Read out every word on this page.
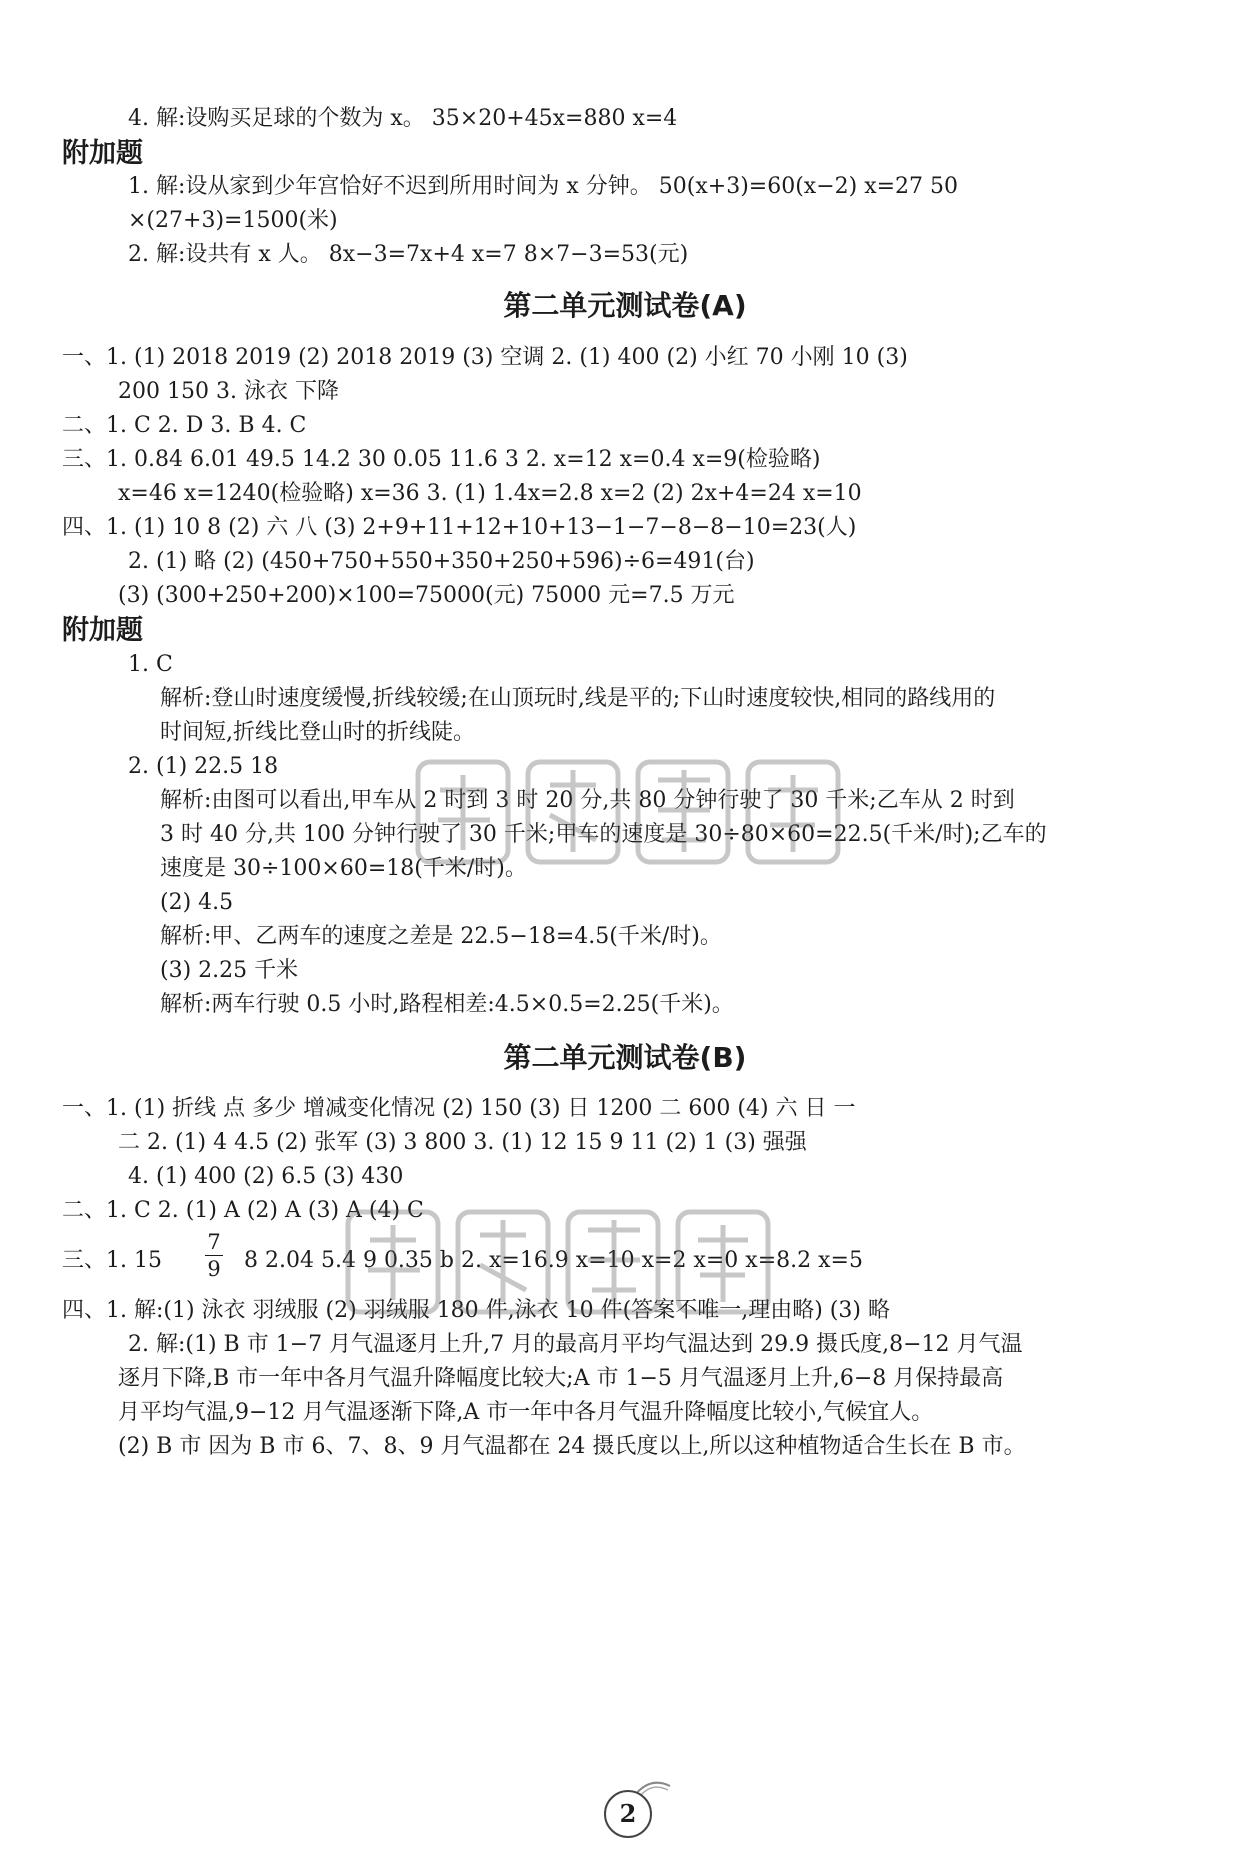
4. 解:设购买足球的个数为 x。 35×20+45x=880 x=4
附加题
1. 解:设从家到少年宫恰好不迟到所用时间为 x 分钟。 50(x+3)=60(x−2) x=27 50
×(27+3)=1500(米)
2. 解:设共有 x 人。 8x−3=7x+4 x=7 8×7−3=53(元)
第二单元测试卷(A)
一、1. (1) 2018 2019 (2) 2018 2019 (3) 空调 2. (1) 400 (2) 小红 70 小刚 10 (3)
200 150 3. 泳衣 下降
二、1. C 2. D 3. B 4. C
三、1. 0.84 6.01 49.5 14.2 30 0.05 11.6 3 2. x=12 x=0.4 x=9(检验略)
x=46 x=1240(检验略) x=36 3. (1) 1.4x=2.8 x=2 (2) 2x+4=24 x=10
四、1. (1) 10 8 (2) 六 八 (3) 2+9+11+12+10+13−1−7−8−8−10=23(人)
2. (1) 略 (2) (450+750+550+350+250+596)÷6=491(台)
(3) (300+250+200)×100=75000(元) 75000 元=7.5 万元
附加题
1. C
解析:登山时速度缓慢,折线较缓;在山顶玩时,线是平的;下山时速度较快,相同的路线用的
时间短,折线比登山时的折线陡。
2. (1) 22.5 18
解析:由图可以看出,甲车从 2 时到 3 时 20 分,共 80 分钟行驶了 30 千米;乙车从 2 时到
3 时 40 分,共 100 分钟行驶了 30 千米;甲车的速度是 30÷80×60=22.5(千米/时);乙车的
速度是 30÷100×60=18(千米/时)。
(2) 4.5
解析:甲、乙两车的速度之差是 22.5−18=4.5(千米/时)。
(3) 2.25 千米
解析:两车行驶 0.5 小时,路程相差:4.5×0.5=2.25(千米)。
第二单元测试卷(B)
一、1. (1) 折线 点 多少 增减变化情况 (2) 150 (3) 日 1200 二 600 (4) 六 日 一
二 2. (1) 4 4.5 (2) 张军 (3) 3 800 3. (1) 12 15 9 11 (2) 1 (3) 强强
4. (1) 400 (2) 6.5 (3) 430
二、1. C 2. (1) A (2) A (3) A (4) C
三、1. 15
7
9 8 2.04 5.4 9 0.35 b 2. x=16.9 x=10 x=2 x=0 x=8.2 x=5
四、1. 解:(1) 泳衣 羽绒服 (2) 羽绒服 180 件,泳衣 10 件(答案不唯一,理由略) (3) 略
2. 解:(1) B 市 1−7 月气温逐月上升,7 月的最高月平均气温达到 29.9 摄氏度,8−12 月气温
逐月下降,B 市一年中各月气温升降幅度比较大;A 市 1−5 月气温逐月上升,6−8 月保持最高
月平均气温,9−12 月气温逐渐下降,A 市一年中各月气温升降幅度比较小,气候宜人。
(2) B 市 因为 B 市 6、7、8、9 月气温都在 24 摄氏度以上,所以这种植物适合生长在 B 市。
2
